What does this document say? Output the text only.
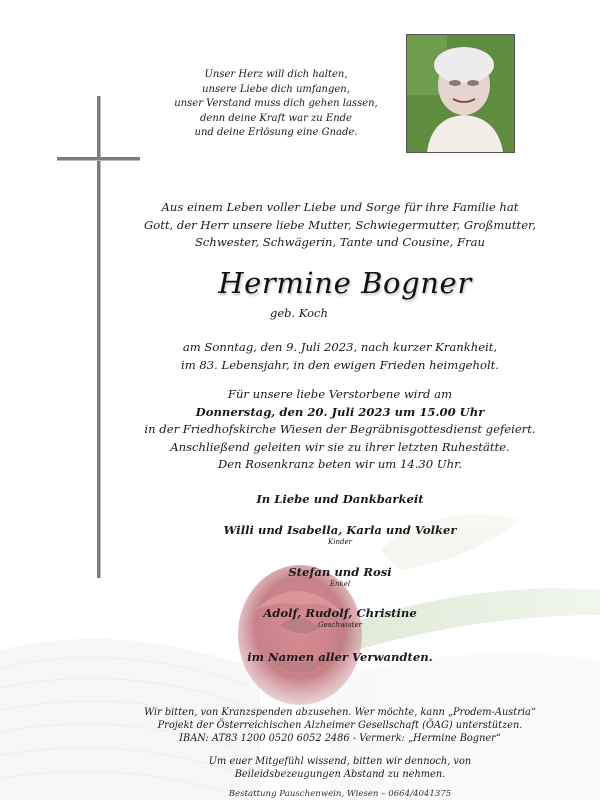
Unser Herz will dich halten,
unsere Liebe dich umfangen,
unser Verstand muss dich gehen lassen,
denn deine Kraft war zu Ende
und deine Erlösung eine Gnade.
Aus einem Leben voller Liebe und Sorge für ihre Familie hat
Gott, der Herr unsere liebe Mutter, Schwiegermutter, Großmutter,
Schwester, Schwägerin, Tante und Cousine, Frau
Hermine Bogner
geb. Koch
am Sonntag, den 9. Juli 2023, nach kurzer Krankheit,
im 83. Lebensjahr, in den ewigen Frieden heimgeholt.
Für unsere liebe Verstorbene wird am
Donnerstag, den 20. Juli 2023 um 15.00 Uhr
in der Friedhofskirche Wiesen der Begräbnisgottesdienst gefeiert.
Anschließend geleiten wir sie zu ihrer letzten Ruhestätte.
Den Rosenkranz beten wir um 14.30 Uhr.
In Liebe und Dankbarkeit
Willi und Isabella, Karla und Volker
Kinder
Stefan und Rosi
Enkel
Adolf, Rudolf, Christine
Geschwister
im Namen aller Verwandten.
Wir bitten, von Kranzspenden abzusehen. Wer möchte, kann „Prodem-Austria“
Projekt der Österreichischen Alzheimer Gesellschaft (ÖAG) unterstützen.
IBAN: AT83 1200 0520 6052 2486 - Vermerk: „Hermine Bogner“
Um euer Mitgefühl wissend, bitten wir dennoch, von
Beileidsbezeugungen Abstand zu nehmen.
Bestattung Pauschenwein, Wiesen – 0664/4041375
